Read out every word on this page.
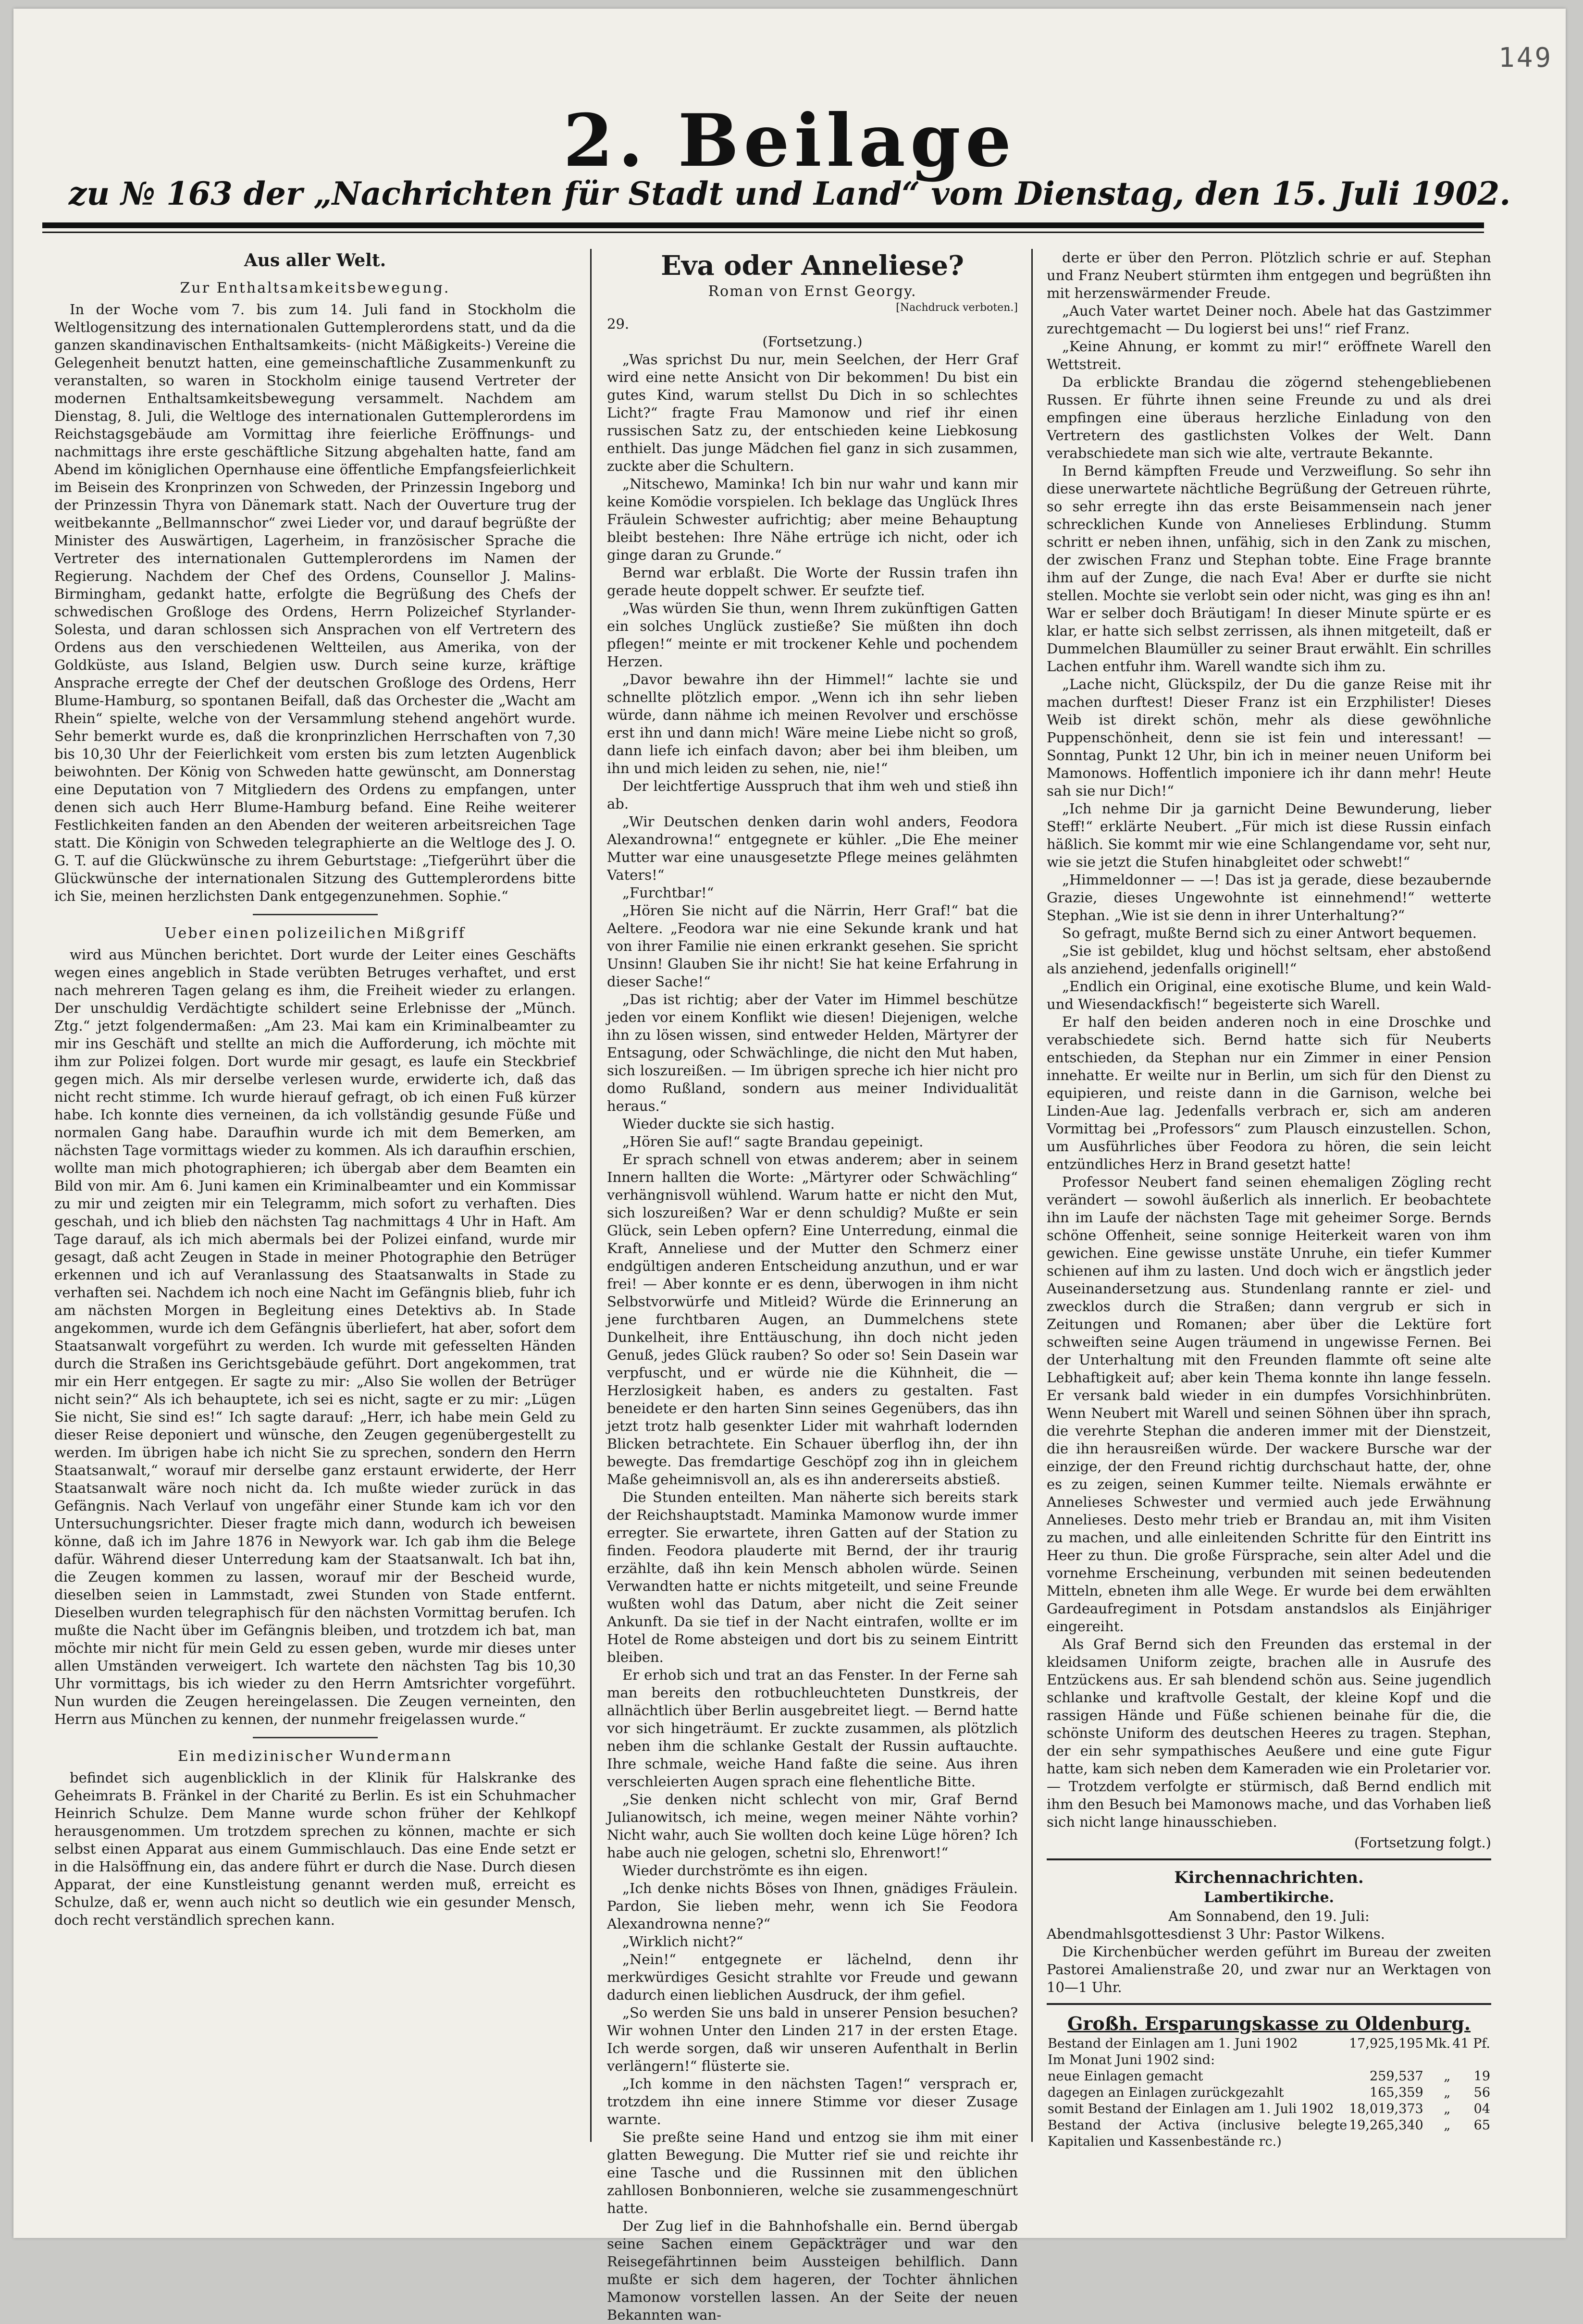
149
2. Beilage
zu № 163 der „Nachrichten für Stadt und Land“ vom Dienstag, den 15. Juli 1902.

Aus aller Welt.

Zur Enthaltsamkeitsbewegung.

In der Woche vom 7. bis zum 14. Juli fand in Stockholm die Weltlogensitzung des internationalen Guttemplerordens statt, und da die ganzen skandinavischen Enthaltsamkeits- (nicht Mäßigkeits-) Vereine die Gelegenheit benutzt hatten, eine gemeinschaftliche Zusammenkunft zu veranstalten, so waren in Stockholm einige tausend Vertreter der modernen Enthaltsamkeitsbewegung versammelt. Nachdem am Dienstag, 8. Juli, die Weltloge des internationalen Guttemplerordens im Reichstagsgebäude am Vormittag ihre feierliche Eröffnungs- und nachmittags ihre erste geschäftliche Sitzung abgehalten hatte, fand am Abend im königlichen Opernhause eine öffentliche Empfangsfeierlichkeit im Beisein des Kronprinzen von Schweden, der Prinzessin Ingeborg und der Prinzessin Thyra von Dänemark statt. Nach der Ouverture trug der weitbekannte „Bellmannschor“ zwei Lieder vor, und darauf begrüßte der Minister des Auswärtigen, Lagerheim, in französischer Sprache die Vertreter des internationalen Guttemplerordens im Namen der Regierung. Nachdem der Chef des Ordens, Counsellor J. Malins-Birmingham, gedankt hatte, erfolgte die Begrüßung des Chefs der schwedischen Großloge des Ordens, Herrn Polizeichef Styrlander-Solesta, und daran schlossen sich Ansprachen von elf Vertretern des Ordens aus den verschiedenen Weltteilen, aus Amerika, von der Goldküste, aus Island, Belgien usw. Durch seine kurze, kräftige Ansprache erregte der Chef der deutschen Großloge des Ordens, Herr Blume-Hamburg, so spontanen Beifall, daß das Orchester die „Wacht am Rhein“ spielte, welche von der Versammlung stehend angehört wurde. Sehr bemerkt wurde es, daß die kronprinzlichen Herrschaften von 7,30 bis 10,30 Uhr der Feierlichkeit vom ersten bis zum letzten Augenblick beiwohnten. Der König von Schweden hatte gewünscht, am Donnerstag eine Deputation von 7 Mitgliedern des Ordens zu empfangen, unter denen sich auch Herr Blume-Hamburg befand. Eine Reihe weiterer Festlichkeiten fanden an den Abenden der weiteren arbeitsreichen Tage statt. Die Königin von Schweden telegraphierte an die Weltloge des J. O. G. T. auf die Glückwünsche zu ihrem Geburtstage: „Tiefgerührt über die Glückwünsche der internationalen Sitzung des Guttemplerordens bitte ich Sie, meinen herzlichsten Dank entgegenzunehmen. Sophie.“

Ueber einen polizeilichen Mißgriff

wird aus München berichtet. Dort wurde der Leiter eines Geschäfts wegen eines angeblich in Stade verübten Betruges verhaftet, und erst nach mehreren Tagen gelang es ihm, die Freiheit wieder zu erlangen. Der unschuldig Verdächtigte schildert seine Erlebnisse der „Münch. Ztg.“ jetzt folgendermaßen: „Am 23. Mai kam ein Kriminalbeamter zu mir ins Geschäft und stellte an mich die Aufforderung, ich möchte mit ihm zur Polizei folgen. Dort wurde mir gesagt, es laufe ein Steckbrief gegen mich. Als mir derselbe verlesen wurde, erwiderte ich, daß das nicht recht stimme. Ich wurde hierauf gefragt, ob ich einen Fuß kürzer habe. Ich konnte dies verneinen, da ich vollständig gesunde Füße und normalen Gang habe. Daraufhin wurde ich mit dem Bemerken, am nächsten Tage vormittags wieder zu kommen. Als ich daraufhin erschien, wollte man mich photographieren; ich übergab aber dem Beamten ein Bild von mir. Am 6. Juni kamen ein Kriminalbeamter und ein Kommissar zu mir und zeigten mir ein Telegramm, mich sofort zu verhaften. Dies geschah, und ich blieb den nächsten Tag nachmittags 4 Uhr in Haft. Am Tage darauf, als ich mich abermals bei der Polizei einfand, wurde mir gesagt, daß acht Zeugen in Stade in meiner Photographie den Betrüger erkennen und ich auf Veranlassung des Staatsanwalts in Stade zu verhaften sei. Nachdem ich noch eine Nacht im Gefängnis blieb, fuhr ich am nächsten Morgen in Begleitung eines Detektivs ab. In Stade angekommen, wurde ich dem Gefängnis überliefert, hat aber, sofort dem Staatsanwalt vorgeführt zu werden. Ich wurde mit gefesselten Händen durch die Straßen ins Gerichtsgebäude geführt. Dort angekommen, trat mir ein Herr entgegen. Er sagte zu mir: „Also Sie wollen der Betrüger nicht sein?“ Als ich behauptete, ich sei es nicht, sagte er zu mir: „Lügen Sie nicht, Sie sind es!“ Ich sagte darauf: „Herr, ich habe mein Geld zu dieser Reise deponiert und wünsche, den Zeugen gegenübergestellt zu werden. Im übrigen habe ich nicht Sie zu sprechen, sondern den Herrn Staatsanwalt,“ worauf mir derselbe ganz erstaunt erwiderte, der Herr Staatsanwalt wäre noch nicht da. Ich mußte wieder zurück in das Gefängnis. Nach Verlauf von ungefähr einer Stunde kam ich vor den Untersuchungsrichter. Dieser fragte mich dann, wodurch ich beweisen könne, daß ich im Jahre 1876 in Newyork war. Ich gab ihm die Belege dafür. Während dieser Unterredung kam der Staatsanwalt. Ich bat ihn, die Zeugen kommen zu lassen, worauf mir der Bescheid wurde, dieselben seien in Lammstadt, zwei Stunden von Stade entfernt. Dieselben wurden telegraphisch für den nächsten Vormittag berufen. Ich mußte die Nacht über im Gefängnis bleiben, und trotzdem ich bat, man möchte mir nicht für mein Geld zu essen geben, wurde mir dieses unter allen Umständen verweigert. Ich wartete den nächsten Tag bis 10,30 Uhr vormittags, bis ich wieder zu den Herrn Amtsrichter vorgeführt. Nun wurden die Zeugen hereingelassen. Die Zeugen verneinten, den Herrn aus München zu kennen, der nunmehr freigelassen wurde.“

Ein medizinischer Wundermann

befindet sich augenblicklich in der Klinik für Halskranke des Geheimrats B. Fränkel in der Charité zu Berlin. Es ist ein Schuhmacher Heinrich Schulze. Dem Manne wurde schon früher der Kehlkopf herausgenommen. Um trotzdem sprechen zu können, machte er sich selbst einen Apparat aus einem Gummischlauch. Das eine Ende setzt er in die Halsöffnung ein, das andere führt er durch die Nase. Durch diesen Apparat, der eine Kunstleistung genannt werden muß, erreicht es Schulze, daß er, wenn auch nicht so deutlich wie ein gesunder Mensch, doch recht verständlich sprechen kann.

Eva oder Anneliese?

Roman von Ernst Georgy.

[Nachdruck verboten.]

29.

(Fortsetzung.)

„Was sprichst Du nur, mein Seelchen, der Herr Graf wird eine nette Ansicht von Dir bekommen! Du bist ein gutes Kind, warum stellst Du Dich in so schlechtes Licht?“ fragte Frau Mamonow und rief ihr einen russischen Satz zu, der entschieden keine Liebkosung enthielt. Das junge Mädchen fiel ganz in sich zusammen, zuckte aber die Schultern.

„Nitschewo, Maminka! Ich bin nur wahr und kann mir keine Komödie vorspielen. Ich beklage das Unglück Ihres Fräulein Schwester aufrichtig; aber meine Behauptung bleibt bestehen: Ihre Nähe ertrüge ich nicht, oder ich ginge daran zu Grunde.“

Bernd war erblaßt. Die Worte der Russin trafen ihn gerade heute doppelt schwer. Er seufzte tief.

„Was würden Sie thun, wenn Ihrem zukünftigen Gatten ein solches Unglück zustieße? Sie müßten ihn doch pflegen!“ meinte er mit trockener Kehle und pochendem Herzen.

„Davor bewahre ihn der Himmel!“ lachte sie und schnellte plötzlich empor. „Wenn ich ihn sehr lieben würde, dann nähme ich meinen Revolver und erschösse erst ihn und dann mich! Wäre meine Liebe nicht so groß, dann liefe ich einfach davon; aber bei ihm bleiben, um ihn und mich leiden zu sehen, nie, nie!“

Der leichtfertige Ausspruch that ihm weh und stieß ihn ab.

„Wir Deutschen denken darin wohl anders, Feodora Alexandrowna!“ entgegnete er kühler. „Die Ehe meiner Mutter war eine unausgesetzte Pflege meines gelähmten Vaters!“

„Furchtbar!“

„Hören Sie nicht auf die Närrin, Herr Graf!“ bat die Aeltere. „Feodora war nie eine Sekunde krank und hat von ihrer Familie nie einen erkrankt gesehen. Sie spricht Unsinn! Glauben Sie ihr nicht! Sie hat keine Erfahrung in dieser Sache!“

„Das ist richtig; aber der Vater im Himmel beschütze jeden vor einem Konflikt wie diesen! Diejenigen, welche ihn zu lösen wissen, sind entweder Helden, Märtyrer der Entsagung, oder Schwächlinge, die nicht den Mut haben, sich loszureißen. — Im übrigen spreche ich hier nicht pro domo Rußland, sondern aus meiner Individualität heraus.“

Wieder duckte sie sich hastig.

„Hören Sie auf!“ sagte Brandau gepeinigt.

Er sprach schnell von etwas anderem; aber in seinem Innern hallten die Worte: „Märtyrer oder Schwächling“ verhängnisvoll wühlend. Warum hatte er nicht den Mut, sich loszureißen? War er denn schuldig? Mußte er sein Glück, sein Leben opfern? Eine Unterredung, einmal die Kraft, Anneliese und der Mutter den Schmerz einer endgültigen anderen Entscheidung anzuthun, und er war frei! — Aber konnte er es denn, überwogen in ihm nicht Selbstvorwürfe und Mitleid? Würde die Erinnerung an jene furchtbaren Augen, an Dummelchens stete Dunkelheit, ihre Enttäuschung, ihn doch nicht jeden Genuß, jedes Glück rauben? So oder so! Sein Dasein war verpfuscht, und er würde nie die Kühnheit, die — Herzlosigkeit haben, es anders zu gestalten. Fast beneidete er den harten Sinn seines Gegenübers, das ihn jetzt trotz halb gesenkter Lider mit wahrhaft lodernden Blicken betrachtete. Ein Schauer überflog ihn, der ihn bewegte. Das fremdartige Geschöpf zog ihn in gleichem Maße geheimnisvoll an, als es ihn andererseits abstieß.

Die Stunden enteilten. Man näherte sich bereits stark der Reichshauptstadt. Maminka Mamonow wurde immer erregter. Sie erwartete, ihren Gatten auf der Station zu finden. Feodora plauderte mit Bernd, der ihr traurig erzählte, daß ihn kein Mensch abholen würde. Seinen Verwandten hatte er nichts mitgeteilt, und seine Freunde wußten wohl das Datum, aber nicht die Zeit seiner Ankunft. Da sie tief in der Nacht eintrafen, wollte er im Hotel de Rome absteigen und dort bis zu seinem Eintritt bleiben.

Er erhob sich und trat an das Fenster. In der Ferne sah man bereits den rotbuchleuchteten Dunstkreis, der allnächtlich über Berlin ausgebreitet liegt. — Bernd hatte vor sich hingeträumt. Er zuckte zusammen, als plötzlich neben ihm die schlanke Gestalt der Russin auftauchte. Ihre schmale, weiche Hand faßte die seine. Aus ihren verschleierten Augen sprach eine flehentliche Bitte.

„Sie denken nicht schlecht von mir, Graf Bernd Julianowitsch, ich meine, wegen meiner Nähte vorhin? Nicht wahr, auch Sie wollten doch keine Lüge hören? Ich habe auch nie gelogen, schetni slo, Ehrenwort!“

Wieder durchströmte es ihn eigen.

„Ich denke nichts Böses von Ihnen, gnädiges Fräulein. Pardon, Sie lieben mehr, wenn ich Sie Feodora Alexandrowna nenne?“

„Wirklich nicht?“

„Nein!“ entgegnete er lächelnd, denn ihr merkwürdiges Gesicht strahlte vor Freude und gewann dadurch einen lieblichen Ausdruck, der ihm gefiel.

„So werden Sie uns bald in unserer Pension besuchen? Wir wohnen Unter den Linden 217 in der ersten Etage. Ich werde sorgen, daß wir unseren Aufenthalt in Berlin verlängern!“ flüsterte sie.

„Ich komme in den nächsten Tagen!“ versprach er, trotzdem ihn eine innere Stimme vor dieser Zusage warnte.

Sie preßte seine Hand und entzog sie ihm mit einer glatten Bewegung. Die Mutter rief sie und reichte ihr eine Tasche und die Russinnen mit den üblichen zahllosen Bonbonnieren, welche sie zusammengeschnürt hatte.

Der Zug lief in die Bahnhofshalle ein. Bernd übergab seine Sachen einem Gepäckträger und war den Reisegefährtinnen beim Aussteigen behilflich. Dann mußte er sich dem hageren, der Tochter ähnlichen Mamonow vorstellen lassen. An der Seite der neuen Bekannten wan-

derte er über den Perron. Plötzlich schrie er auf. Stephan und Franz Neubert stürmten ihm entgegen und begrüßten ihn mit herzenswärmender Freude.

„Auch Vater wartet Deiner noch. Abele hat das Gastzimmer zurechtgemacht — Du logierst bei uns!“ rief Franz.

„Keine Ahnung, er kommt zu mir!“ eröffnete Warell den Wettstreit.

Da erblickte Brandau die zögernd stehengebliebenen Russen. Er führte ihnen seine Freunde zu und als drei empfingen eine überaus herzliche Einladung von den Vertretern des gastlichsten Volkes der Welt. Dann verabschiedete man sich wie alte, vertraute Bekannte.

In Bernd kämpften Freude und Verzweiflung. So sehr ihn diese unerwartete nächtliche Begrüßung der Getreuen rührte, so sehr erregte ihn das erste Beisammensein nach jener schrecklichen Kunde von Annelieses Erblindung. Stumm schritt er neben ihnen, unfähig, sich in den Zank zu mischen, der zwischen Franz und Stephan tobte. Eine Frage brannte ihm auf der Zunge, die nach Eva! Aber er durfte sie nicht stellen. Mochte sie verlobt sein oder nicht, was ging es ihn an! War er selber doch Bräutigam! In dieser Minute spürte er es klar, er hatte sich selbst zerrissen, als ihnen mitgeteilt, daß er Dummelchen Blaumüller zu seiner Braut erwählt. Ein schrilles Lachen entfuhr ihm. Warell wandte sich ihm zu.

„Lache nicht, Glückspilz, der Du die ganze Reise mit ihr machen durftest! Dieser Franz ist ein Erzphilister! Dieses Weib ist direkt schön, mehr als diese gewöhnliche Puppenschönheit, denn sie ist fein und interessant! — Sonntag, Punkt 12 Uhr, bin ich in meiner neuen Uniform bei Mamonows. Hoffentlich imponiere ich ihr dann mehr! Heute sah sie nur Dich!“

„Ich nehme Dir ja garnicht Deine Bewunderung, lieber Steff!“ erklärte Neubert. „Für mich ist diese Russin einfach häßlich. Sie kommt mir wie eine Schlangendame vor, seht nur, wie sie jetzt die Stufen hinabgleitet oder schwebt!“

„Himmeldonner — —! Das ist ja gerade, diese bezaubernde Grazie, dieses Ungewohnte ist einnehmend!“ wetterte Stephan. „Wie ist sie denn in ihrer Unterhaltung?“

So gefragt, mußte Bernd sich zu einer Antwort bequemen.

„Sie ist gebildet, klug und höchst seltsam, eher abstoßend als anziehend, jedenfalls originell!“

„Endlich ein Original, eine exotische Blume, und kein Wald- und Wiesendackfisch!“ begeisterte sich Warell.

Er half den beiden anderen noch in eine Droschke und verabschiedete sich. Bernd hatte sich für Neuberts entschieden, da Stephan nur ein Zimmer in einer Pension innehatte. Er weilte nur in Berlin, um sich für den Dienst zu equipieren, und reiste dann in die Garnison, welche bei Linden-Aue lag. Jedenfalls verbrach er, sich am anderen Vormittag bei „Professors“ zum Plausch einzustellen. Schon, um Ausführliches über Feodora zu hören, die sein leicht entzündliches Herz in Brand gesetzt hatte!

Professor Neubert fand seinen ehemaligen Zögling recht verändert — sowohl äußerlich als innerlich. Er beobachtete ihn im Laufe der nächsten Tage mit geheimer Sorge. Bernds schöne Offenheit, seine sonnige Heiterkeit waren von ihm gewichen. Eine gewisse unstäte Unruhe, ein tiefer Kummer schienen auf ihm zu lasten. Und doch wich er ängstlich jeder Auseinandersetzung aus. Stundenlang rannte er ziel- und zwecklos durch die Straßen; dann vergrub er sich in Zeitungen und Romanen; aber über die Lektüre fort schweiften seine Augen träumend in ungewisse Fernen. Bei der Unterhaltung mit den Freunden flammte oft seine alte Lebhaftigkeit auf; aber kein Thema konnte ihn lange fesseln. Er versank bald wieder in ein dumpfes Vorsichhinbrüten. Wenn Neubert mit Warell und seinen Söhnen über ihn sprach, die verehrte Stephan die anderen immer mit der Dienstzeit, die ihn herausreißen würde. Der wackere Bursche war der einzige, der den Freund richtig durchschaut hatte, der, ohne es zu zeigen, seinen Kummer teilte. Niemals erwähnte er Annelieses Schwester und vermied auch jede Erwähnung Annelieses. Desto mehr trieb er Brandau an, mit ihm Visiten zu machen, und alle einleitenden Schritte für den Eintritt ins Heer zu thun. Die große Fürsprache, sein alter Adel und die vornehme Erscheinung, verbunden mit seinen bedeutenden Mitteln, ebneten ihm alle Wege. Er wurde bei dem erwählten Gardeaufregiment in Potsdam anstandslos als Einjähriger eingereiht.

Als Graf Bernd sich den Freunden das erstemal in der kleidsamen Uniform zeigte, brachen alle in Ausrufe des Entzückens aus. Er sah blendend schön aus. Seine jugendlich schlanke und kraftvolle Gestalt, der kleine Kopf und die rassigen Hände und Füße schienen beinahe für die, die schönste Uniform des deutschen Heeres zu tragen. Stephan, der ein sehr sympathisches Aeußere und eine gute Figur hatte, kam sich neben dem Kameraden wie ein Proletarier vor. — Trotzdem verfolgte er stürmisch, daß Bernd endlich mit ihm den Besuch bei Mamonows mache, und das Vorhaben ließ sich nicht lange hinausschieben.

(Fortsetzung folgt.)

Kirchennachrichten.

Lambertikirche.

Am Sonnabend, den 19. Juli:

Abendmahlsgottesdienst 3 Uhr: Pastor Wilkens.

Die Kirchenbücher werden geführt im Bureau der zweiten Pastorei Amalienstraße 20, und zwar nur an Werktagen von 10—1 Uhr.

Großh. Ersparungskasse zu Oldenburg.

Bestand der Einlagen am 1. Juni 1902	17,925,195	Mk.	41 Pf.
Im Monat Juni 1902 sind:			
neue Einlagen gemacht	259,537	„	19
dagegen an Einlagen zurückgezahlt	165,359	„	56
somit Bestand der Einlagen am 1. Juli 1902	18,019,373	„	04
Bestand der Activa (inclusive belegte Kapitalien und Kassenbestände rc.)	19,265,340	„	65
